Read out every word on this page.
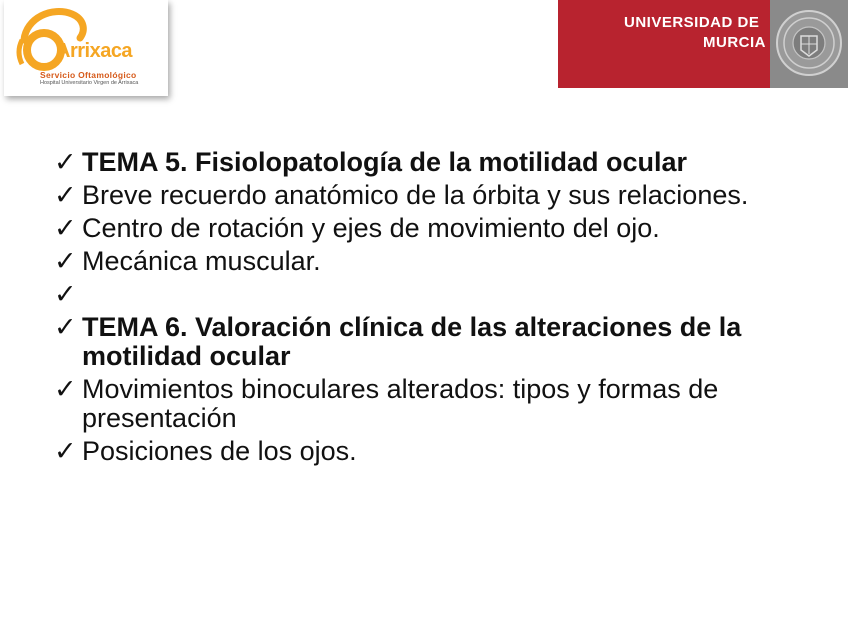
Arrixaca
Servicio Oftamológico
Hospital Universitario Virgen de Arrixaca
UNIVERSIDAD DE
MURCIA
✓ TEMA 5. Fisiolopatología de la motilidad ocular
✓ Breve recuerdo anatómico de la órbita y sus relaciones.
✓ Centro de rotación y ejes de movimiento del ojo.
✓ Mecánica muscular.
✓
✓ TEMA 6. Valoración clínica de las alteraciones de la motilidad ocular
✓ Movimientos binoculares alterados: tipos y formas de presentación
✓ Posiciones de los ojos.
